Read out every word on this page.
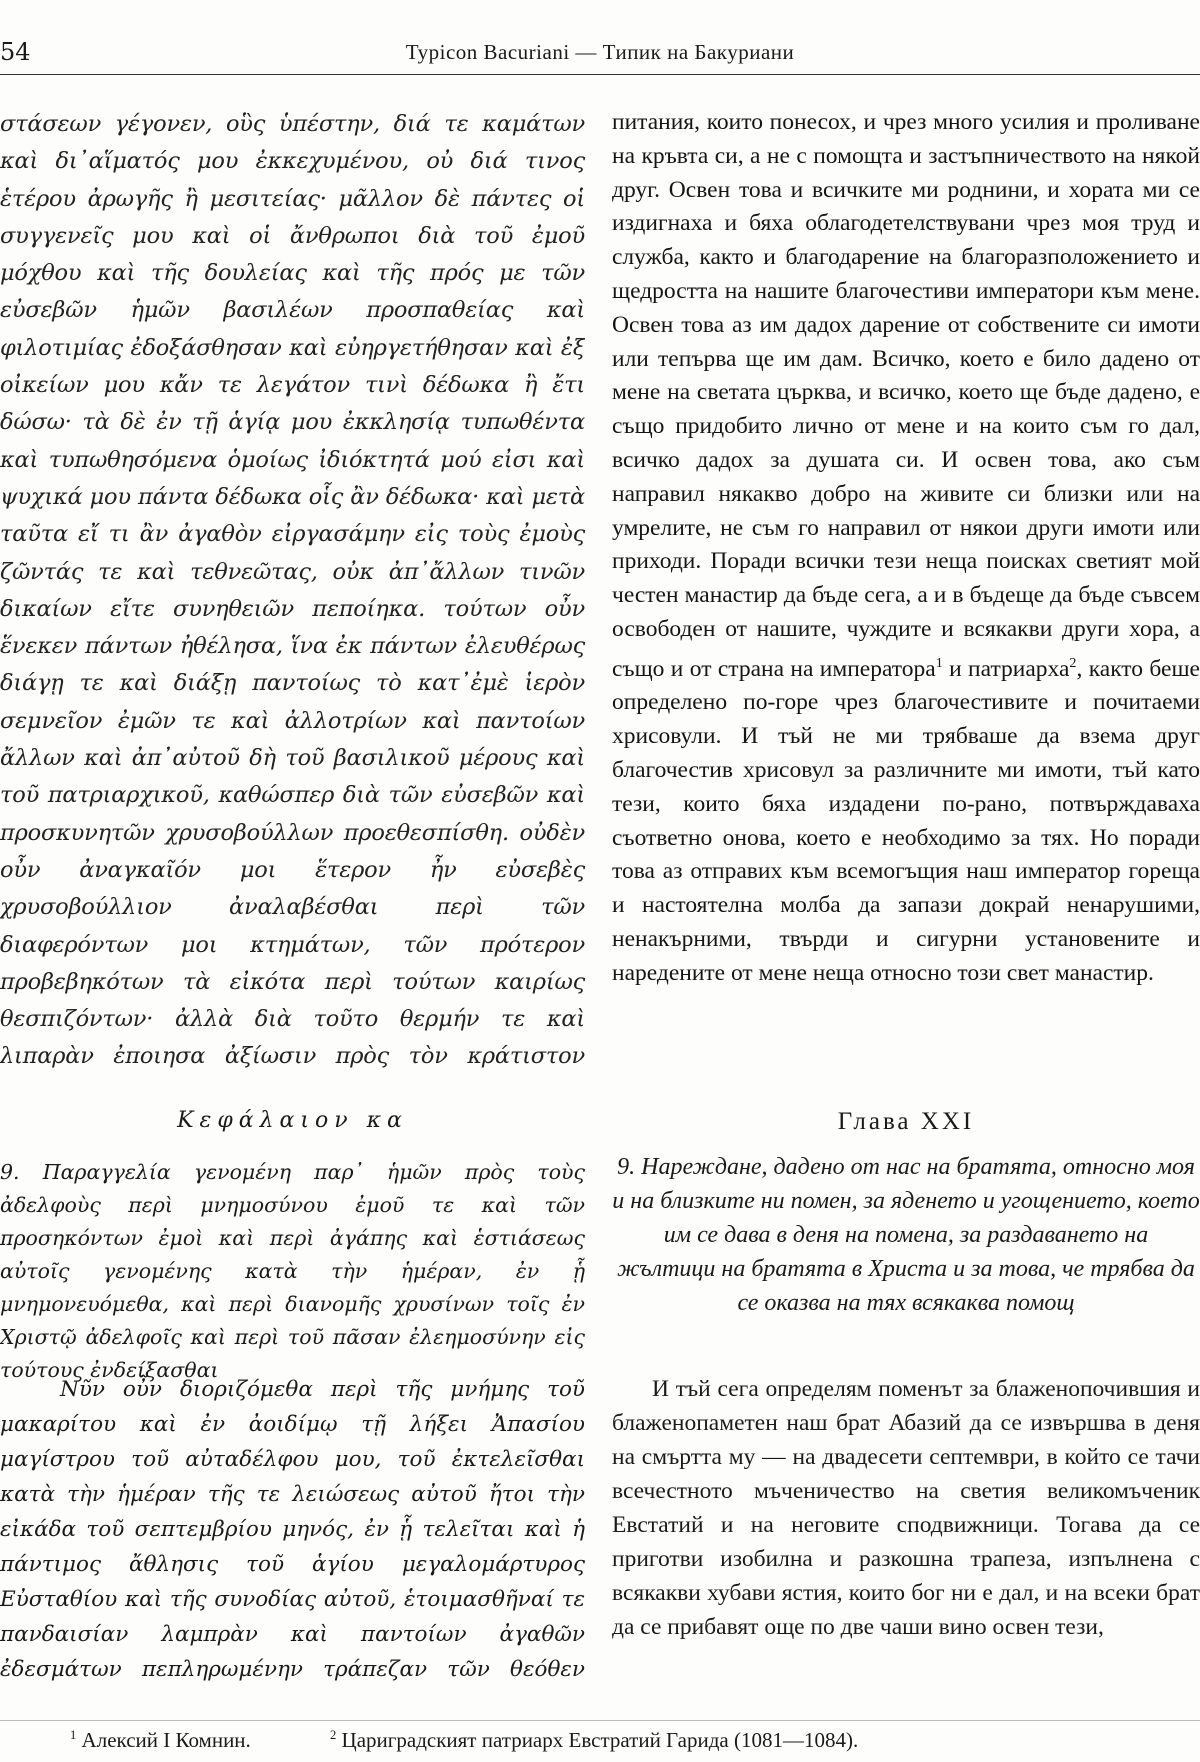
54	Typicon Bacuriani — Типик на Бакуриани
στάσεων γέγονεν, οὓς ὑπέστην, διά τε καμάτων καὶ δι᾽αἵματός μου ἐκκεχυμένου, οὐ διά τινος ἑτέρου ἀρωγῆς ἢ μεσιτείας· μᾶλλον δὲ πάντες οἱ συγγενεῖς μου καὶ οἱ ἄνθρωποι διὰ τοῦ ἐμοῦ μόχθου καὶ τῆς δουλείας καὶ τῆς πρός με τῶν εὐσεβῶν ἡμῶν βασιλέων προσπαθείας καὶ φιλοτιμίας ἐδοξάσθησαν καὶ εὐηργετήθησαν καὶ ἐξ οἰκείων μου κἄν τε λεγάτον τινὶ δέδωκα ἢ ἔτι δώσω· τὰ δὲ ἐν τῇ ἁγίᾳ μου ἐκκλησίᾳ τυπωθέντα καὶ τυπωθησόμενα ὁμοίως ἰδιόκτητά μού εἰσι καὶ ψυχικά μου πάντα δέδωκα οἷς ἂν δέδωκα· καὶ μετὰ ταῦτα εἴ τι ἂν ἀγαθὸν εἰργασάμην εἰς τοὺς ἐμοὺς ζῶντάς τε καὶ τεθνεῶτας, οὐκ ἀπ᾽ἄλλων τινῶν δικαίων εἴτε συνηθειῶν πεποίηκα. τούτων οὖν ἕνεκεν πάντων ἠθέλησα, ἵνα ἐκ πάντων ἐλευθέρως διάγῃ τε καὶ διάξῃ παντοίως τὸ κατ᾽ἐμὲ ἱερὸν σεμνεῖον ἐμῶν τε καὶ ἀλλοτρίων καὶ παντοίων ἄλλων καὶ ἀπ᾽αὐτοῦ δὴ τοῦ βασιλικοῦ μέρους καὶ τοῦ πατριαρχικοῦ, καθώσπερ διὰ τῶν εὐσεβῶν καὶ προσκυνητῶν χρυσοβούλλων προεθεσπίσθη. οὐδὲν οὖν ἀναγκαῖόν μοι ἕτερον ἦν εὐσεβὲς χρυσοβούλλιον ἀναλαβέσθαι περὶ τῶν διαφερόντων μοι κτημάτων, τῶν πρότερον προβεβηκότων τὰ εἰκότα περὶ τούτων καιρίως θεσπιζόντων· ἀλλὰ διὰ τοῦτο θερμήν τε καὶ λιπαρὰν ἐποιησα ἀξίωσιν πρὸς τὸν κράτιστον
питания, които понесох, и чрез много усилия и проливане на кръвта си, а не с помощта и застъпничеството на някой друг. Освен това и всичките ми роднини, и хората ми се издигнаха и бяха облагодетелствувани чрез моя труд и служба, както и благодарение на благоразположението и щедростта на нашите благочестиви императори към мене. Освен това аз им дадох дарение от собствените си имоти или тепърва ще им дам. Всичко, което е било дадено от мене на светата църква, и всичко, което ще бъде дадено, е също придобито лично от мене и на които съм го дал, всичко дадох за душата си. И освен това, ако съм направил някакво добро на живите си близки или на умрелите, не съм го направил от някои други имоти или приходи. Поради всички тези неща поисках светият мой честен манастир да бъде сега, а и в бъдеще да бъде съвсем освободен от нашите, чуждите и всякакви други хора, а също и от страна на императора$^1$ и патриарха$^2$, както беше определено по-горе чрез благочестивите и почитаеми хрисовули. И тъй не ми трябваше да взема друг благочестив хрисовул за различните ми имоти, тъй като тези, които бяха издадени по-рано, потвърждаваха съответно онова, което е необходимо за тях. Но поради това аз отправих към всемогъщия наш император гореща и настоятелна молба да запази докрай ненарушими, ненакърними, твърди и сигурни установените и наредените от мене неща относно този свет манастир.
Κεφάλαιον κα	Глава XXI
9. Παραγγελία γενομένη παρ᾽ ἡμῶν πρὸς τοὺς ἀδελφοὺς περὶ μνημοσύνου ἐμοῦ τε καὶ τῶν προσηκόντων ἐμοὶ καὶ περὶ ἀγάπης καὶ ἑστιάσεως αὐτοῖς γενομένης κατὰ τὴν ἡμέραν, ἐν ᾗ μνημονευόμεθα, καὶ περὶ διανομῆς χρυσίνων τοῖς ἐν Χριστῷ ἀδελφοῖς καὶ περὶ τοῦ πᾶσαν ἐλεημοσύνην εἰς τούτους ἐνδείξασθαι
9. Нареждане, дадено от нас на братята, относно моя и на близките ни помен, за яденето и угощението, което им се дава в деня на помена, за раздаването на жълтици на братята в Христа и за това, че трябва да се оказва на тях всякаква помощ
Νῦν οὖν διοριζόμεθα περὶ τῆς μνήμης τοῦ μακαρίτου καὶ ἐν ἀοιδίμῳ τῇ λήξει Ἀπασίου μαγίστρου τοῦ αὐταδέλφου μου, τοῦ ἐκτελεῖσθαι κατὰ τὴν ἡμέραν τῆς τε λειώσεως αὐτοῦ ἤτοι τὴν εἰκάδα τοῦ σεπτεμβρίου μηνός, ἐν ᾗ τελεῖται καὶ ἡ πάντιμος ἄθλησις τοῦ ἁγίου μεγαλομάρτυρος Εὐσταθίου καὶ τῆς συνοδίας αὐτοῦ, ἑτοιμασθῆναί τε πανδαισίαν λαμπρὰν καὶ παντοίων ἀγαθῶν ἐδεσμάτων πεπληρωμένην τράπεζαν τῶν θεόθεν
И тъй сега определям поменът за блаженопочившия и блаженопаметен наш брат Абазий да се извършва в деня на смъртта му — на двадесети септември, в който се тачи всечестното мъченичество на светия великомъченик Евстатий и на неговите сподвижници. Тогава да се приготви изобилна и разкошна трапеза, изпълнена с всякакви хубави ястия, които бог ни е дал, и на всеки брат да се прибавят още по две чаши вино освен тези,
$^1$ Алексий I Комнин.	$^2$ Цариградският патриарх Евстратий Гарида (1081—1084).
